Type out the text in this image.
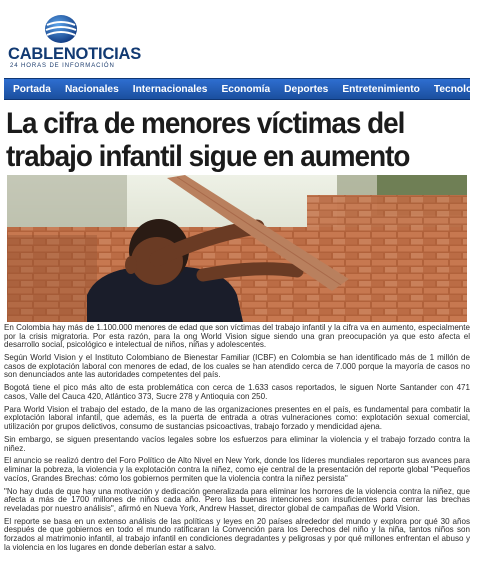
CABLENOTICIAS
24 HORAS DE INFORMACIÓN
Portada	Nacionales	Internacionales	Economía	Deportes	Entretenimiento	Tecnología
La cifra de menores víctimas del
trabajo infantil sigue en aumento

En Colombia hay más de 1.100.000 menores de edad que son víctimas del trabajo infantil y la cifra va en aumento, especialmente por la crisis migratoria. Por esta razón, para la ong World Vision sigue siendo una gran preocupación ya que esto afecta el desarrollo social, psicológico e intelectual de niños, niñas y adolescentes.

Según World Vision y el Instituto Colombiano de Bienestar Familiar (ICBF) en Colombia se han identificado más de 1 millón de casos de explotación laboral con menores de edad, de los cuales se han atendido cerca de 7.000 porque la mayoría de casos no son denunciados ante las autoridades competentes del país.

Bogotá tiene el pico más alto de esta problemática con cerca de 1.633 casos reportados, le siguen Norte Santander con 471 casos, Valle del Cauca 420, Atlántico 373, Sucre 278 y Antioquia con 250.

Para World Vision el trabajo del estado, de la mano de las organizaciones presentes en el país, es fundamental para combatir la explotación laboral infantil, que además, es la puerta de entrada a otras vulneraciones como: explotación sexual comercial, utilización por grupos delictivos, consumo de sustancias psicoactivas, trabajo forzado y mendicidad ajena.

Sin embargo, se siguen presentando vacíos legales sobre los esfuerzos para eliminar la violencia y el trabajo forzado contra la niñez.

El anuncio se realizó dentro del Foro Político de Alto Nivel en New York, donde los líderes mundiales reportaron sus avances para eliminar la pobreza, la violencia y la explotación contra la niñez, como eje central de la presentación del reporte global "Pequeños vacíos, Grandes Brechas: cómo los gobiernos permiten que la violencia contra la niñez persista"

"No hay duda de que hay una motivación y dedicación generalizada para eliminar los horrores de la violencia contra la niñez, que afecta a más de 1700 millones de niños cada año. Pero las buenas intenciones son insuficientes para cerrar las brechas reveladas por nuestro análisis", afirmó en Nueva York, Andrew Hasset, director global de campañas de World Vision.

El reporte se basa en un extenso análisis de las políticas y leyes en 20 países alrededor del mundo y explora por qué 30 años después de que gobiernos en todo el mundo ratificaran la Convención para los Derechos del niño y la niña, tantos niños son forzados al matrimonio infantil, al trabajo infantil en condiciones degradantes y peligrosas y por qué millones enfrentan el abuso y la violencia en los lugares en donde deberían estar a salvo.
